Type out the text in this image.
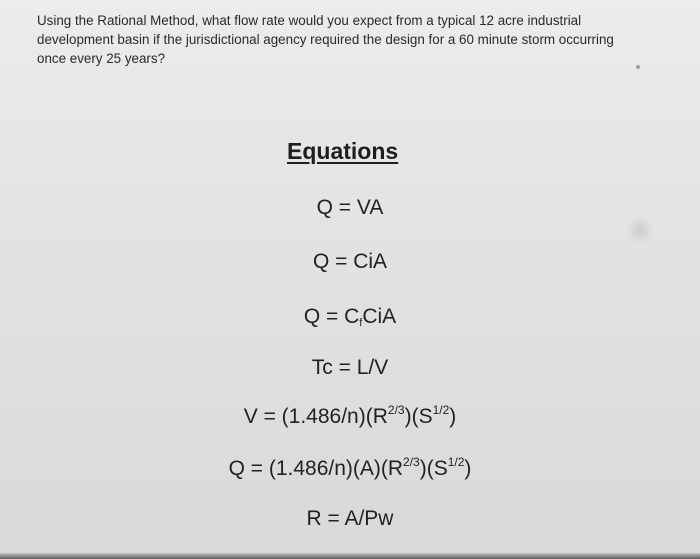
Using the Rational Method, what flow rate would you expect from a typical 12 acre industrial
development basin if the jurisdictional agency required the design for a 60 minute storm occurring
once every 25 years?
Equations
Q = VA
Q = CiA
$Q = C_fCiA$
Tc = L/V
$V = (1.486/n)(R^{2/3})(S^{1/2})$
$Q = (1.486/n)(A)(R^{2/3})(S^{1/2})$
R = A/Pw
